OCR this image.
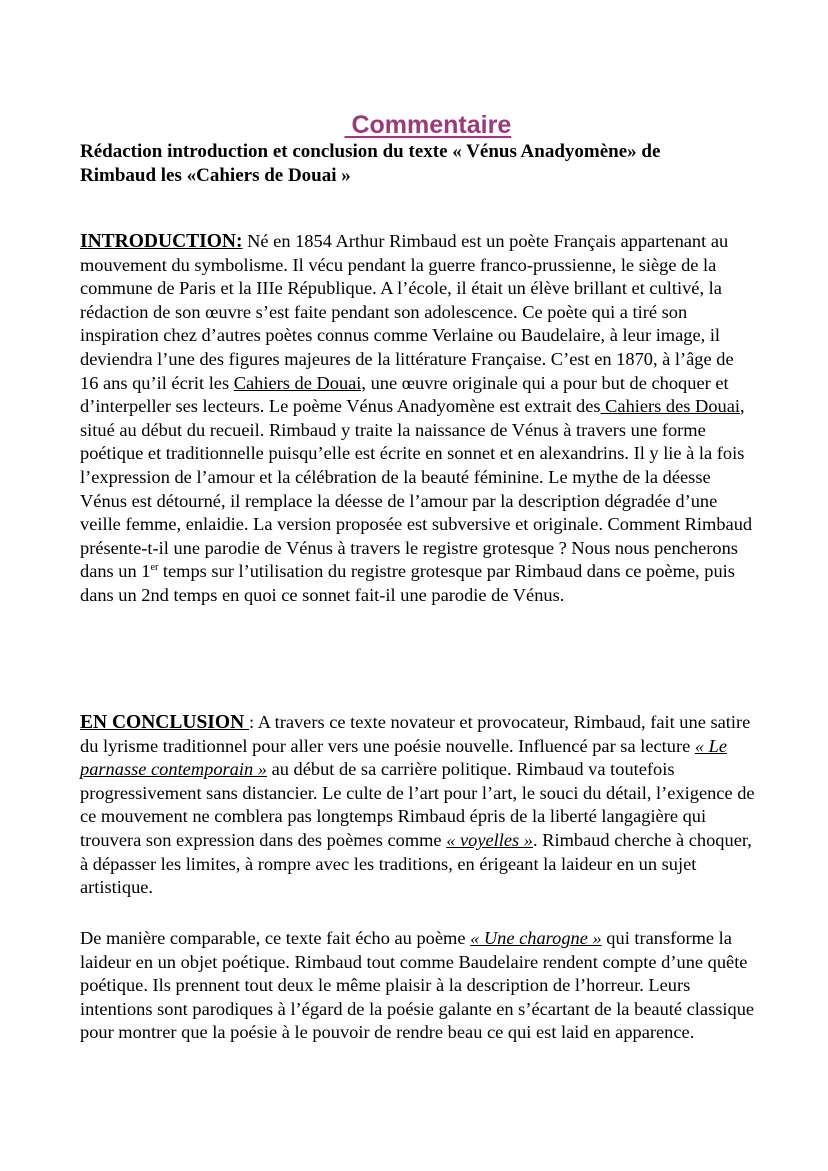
Commentaire

Rédaction introduction et conclusion du texte « Vénus Anadyomène» de
Rimbaud les «Cahiers de Douai »

INTRODUCTION: Né en 1854 Arthur Rimbaud est un poète Français appartenant au mouvement du symbolisme. Il vécu pendant la guerre franco-prussienne, le siège de la commune de Paris et la IIIe République. A l’école, il était un élève brillant et cultivé, la rédaction de son œuvre s’est faite pendant son adolescence. Ce poète qui a tiré son inspiration chez d’autres poètes connus comme Verlaine ou Baudelaire, à leur image, il deviendra l’une des figures majeures de la littérature Française. C’est en 1870, à l’âge de 16 ans qu’il écrit les Cahiers de Douai, une œuvre originale qui a pour but de choquer et d’interpeller ses lecteurs. Le poème Vénus Anadyomène est extrait des Cahiers des Douai, situé au début du recueil. Rimbaud y traite la naissance de Vénus à travers une forme poétique et traditionnelle puisqu’elle est écrite en sonnet et en alexandrins. Il y lie à la fois l’expression de l’amour et la célébration de la beauté féminine. Le mythe de la déesse Vénus est détourné, il remplace la déesse de l’amour par la description dégradée d’une veille femme, enlaidie. La version proposée est subversive et originale. Comment Rimbaud présente-t-il une parodie de Vénus à travers le registre grotesque ? Nous nous pencherons dans un 1er temps sur l’utilisation du registre grotesque par Rimbaud dans ce poème, puis dans un 2nd temps en quoi ce sonnet fait-il une parodie de Vénus.

EN CONCLUSION : A travers ce texte novateur et provocateur, Rimbaud, fait une satire du lyrisme traditionnel pour aller vers une poésie nouvelle. Influencé par sa lecture « Le parnasse contemporain » au début de sa carrière politique. Rimbaud va toutefois progressivement sans distancier. Le culte de l’art pour l’art, le souci du détail, l’exigence de ce mouvement ne comblera pas longtemps Rimbaud épris de la liberté langagière qui trouvera son expression dans des poèmes comme « voyelles ». Rimbaud cherche à choquer, à dépasser les limites, à rompre avec les traditions, en érigeant la laideur en un sujet artistique.

De manière comparable, ce texte fait écho au poème « Une charogne » qui transforme la laideur en un objet poétique. Rimbaud tout comme Baudelaire rendent compte d’une quête poétique. Ils prennent tout deux le même plaisir à la description de l’horreur. Leurs intentions sont parodiques à l’égard de la poésie galante en s’écartant de la beauté classique pour montrer que la poésie à le pouvoir de rendre beau ce qui est laid en apparence.
